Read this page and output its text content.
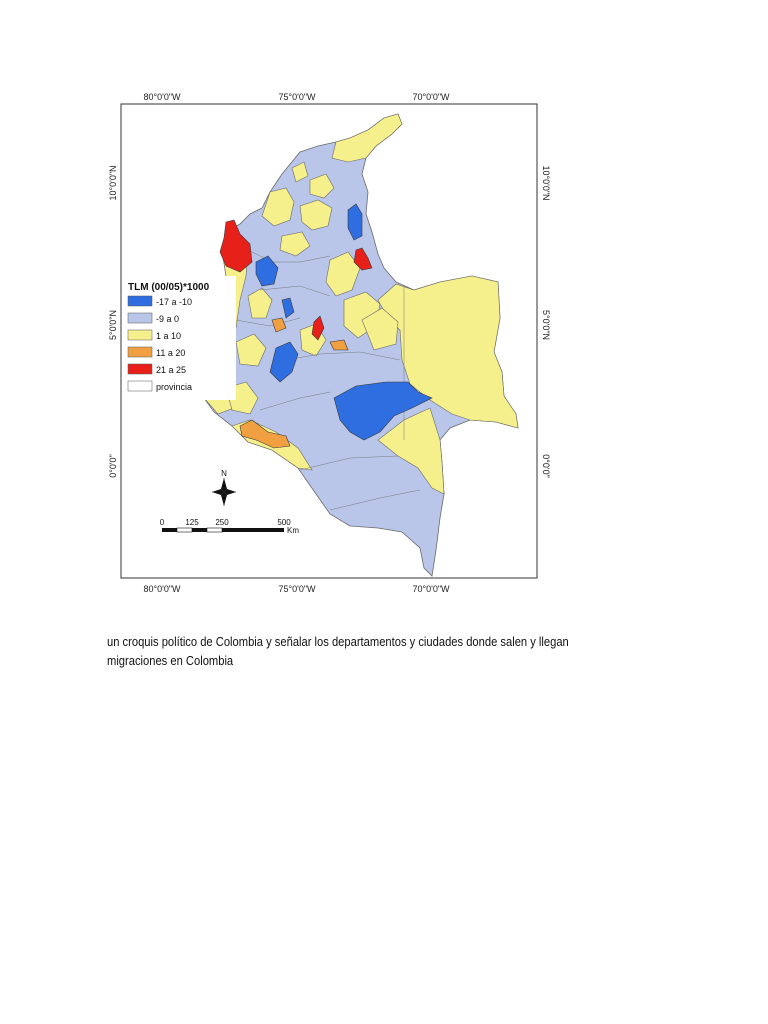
80°0'0"W	75°0'0"W	70°0'0"W
80°0'0"W	75°0'0"W	70°0'0"W
10°0'0"N
5°0'0"N
0°0'0"
10°0'0"N
5°0'0"N
0°0'0"
TLM (00/05)*1000
-17 a -10
-9 a 0
1 a 10
11 a 20
21 a 25
provincia
N
0	125 250	500
Km
un croquis político de Colombia y señalar los departamentos y ciudades donde salen y llegan
migraciones en Colombia
